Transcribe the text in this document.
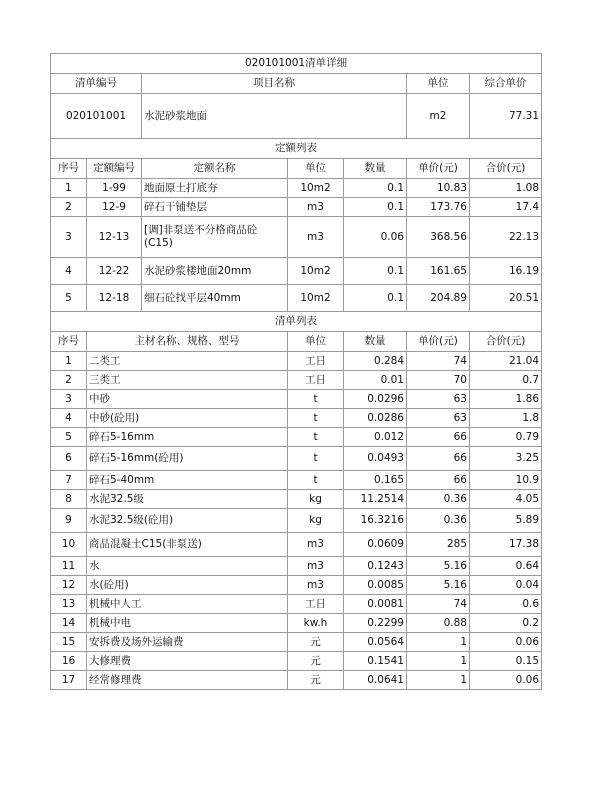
020101001清单详细						
清单编号		项目名称			单位	综合单价
020101001		水泥砂浆地面			m2	77.31
定额列表						
序号	定额编号	定额名称	单位	数量	单价(元)	合价(元)
1	1-99	地面原土打底夯	10m2	0.1	10.83	1.08
2	12-9	碎石干铺垫层	m3	0.1	173.76	17.4
3	12-13	[调]非泵送不分格商品砼(C15)	m3	0.06	368.56	22.13
4	12-22	水泥砂浆楼地面20mm	10m2	0.1	161.65	16.19
5	12-18	细石砼找平层40mm	10m2	0.1	204.89	20.51
清单列表						
序号	主材名称、规格、型号		单位	数量	单价(元)	合价(元)
1	二类工		工日	0.284	74	21.04
2	三类工		工日	0.01	70	0.7
3	中砂		t	0.0296	63	1.86
4	中砂(砼用)		t	0.0286	63	1.8
5	碎石5-16mm		t	0.012	66	0.79
6	碎石5-16mm(砼用)		t	0.0493	66	3.25
7	碎石5-40mm		t	0.165	66	10.9
8	水泥32.5级		kg	11.2514	0.36	4.05
9	水泥32.5级(砼用)		kg	16.3216	0.36	5.89
10	商品混凝土C15(非泵送)		m3	0.0609	285	17.38
11	水		m3	0.1243	5.16	0.64
12	水(砼用)		m3	0.0085	5.16	0.04
13	机械中人工		工日	0.0081	74	0.6
14	机械中电		kw.h	0.2299	0.88	0.2
15	安拆费及场外运输费		元	0.0564	1	0.06
16	大修理费		元	0.1541	1	0.15
17	经常修理费		元	0.0641	1	0.06
